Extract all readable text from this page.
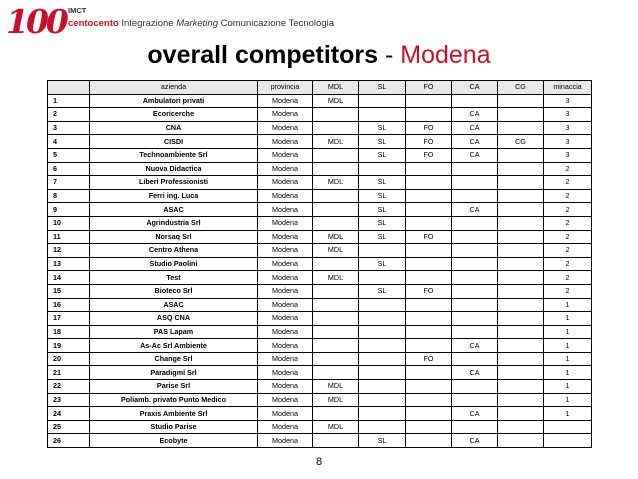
100 IMCT
centocento Integrazione Marketing Comunicazione Tecnologia
overall competitors - Modena
	azienda	provincia	MDL	SL	FO	CA	CG	minaccia
1	Ambulatori privati	Modena	MDL					3
2	Ecoricerche	Modena				CA		3
3	CNA	Modena		SL	FO	CA		3
4	CISDI	Modena	MDL	SL	FO	CA	CG	3
5	Technoambiente Srl	Modena		SL	FO	CA		3
6	Nuova Didactica	Modena						2
7	Liberi Professionisti	Modena	MDL	SL				2
8	Ferri ing. Luca	Modena		SL				2
9	ASAC	Modena		SL		CA		2
10	Agrindustria Srl	Modena		SL				2
11	Norsaq Srl	Modena	MDL	SL	FO			2
12	Centro Athena	Modena	MDL					2
13	Studio Paolini	Modena		SL				2
14	Test	Modena	MDL					2
15	Bioteco Srl	Modena		SL	FO			2
16	ASAC	Modena						1
17	ASQ CNA	Modena						1
18	PAS Lapam	Modena						1
19	As-Ac Srl Ambiente	Modena				CA		1
20	Change Srl	Modena			FO			1
21	Paradigmi Srl	Modena				CA		1
22	Parise Srl	Modena	MDL					1
23	Poliamb. privato Punto Medico	Modena	MDL					1
24	Praxis Ambiente Srl	Modena				CA		1
25	Studio Parise	Modena	MDL					
26	Ecobyte	Modena		SL		CA		
8
